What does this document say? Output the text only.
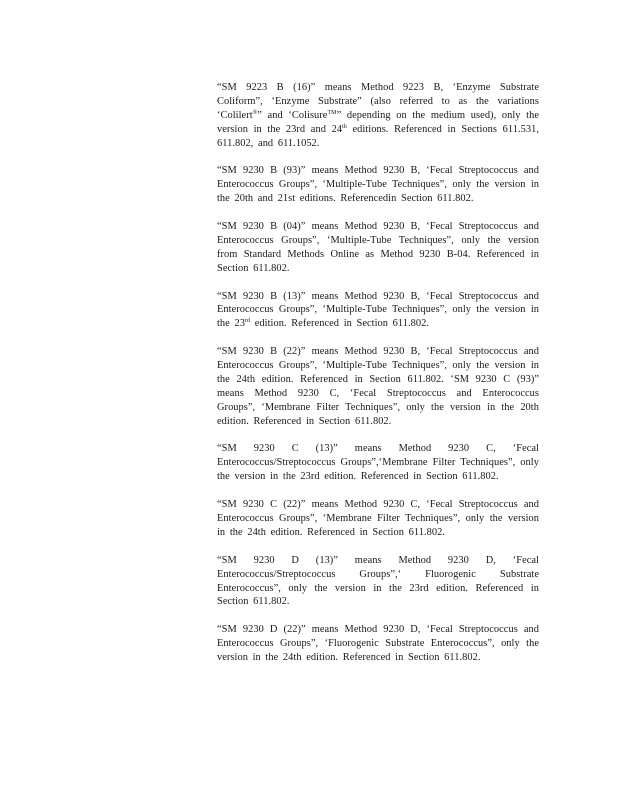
“SM 9223 B (16)” means Method 9223 B, ‘Enzyme Substrate Coliform”, ‘Enzyme Substrate” (also referred to as the variations ‘Colilert®” and ‘Colisure™” depending on the medium used), only the version in the 23rd and 24th editions. Referenced in Sections 611.531, 611.802, and 611.1052.

“SM 9230 B (93)” means Method 9230 B, ‘Fecal Streptococcus and Enterococcus Groups”, ‘Multiple-Tube Techniques”, only the version in the 20th and 21st editions. Referencedin Section 611.802.

“SM 9230 B (04)” means Method 9230 B, ‘Fecal Streptococcus and Enterococcus Groups”, ‘Multiple-Tube Techniques”, only the version from Standard Methods Online as Method 9230 B-04. Referenced in Section 611.802.

“SM 9230 B (13)” means Method 9230 B, ‘Fecal Streptococcus and Enterococcus Groups”, ‘Multiple-Tube Techniques”, only the version in the 23rd edition. Referenced in Section 611.802.

“SM 9230 B (22)” means Method 9230 B, ‘Fecal Streptococcus and Enterococcus Groups”, ‘Multiple-Tube Techniques”, only the version in the 24th edition. Referenced in Section 611.802. ‘SM 9230 C (93)” means Method 9230 C, ‘Fecal Streptococcus and Enterococcus Groups”, ‘Membrane Filter Techniques”, only the version in the 20th edition. Referenced in Section 611.802.

“SM 9230 C (13)” means Method 9230 C, ‘Fecal Enterococcus/Streptococcus Groups”,‘Membrane Filter Techniques”, only the version in the 23rd edition. Referenced in Section 611.802.

“SM 9230 C (22)” means Method 9230 C, ‘Fecal Streptococcus and Enterococcus Groups”, ‘Membrane Filter Techniques”, only the version in the 24th edition. Referenced in Section 611.802.

“SM 9230 D (13)” means Method 9230 D, ‘Fecal Enterococcus/Streptococcus Groups”,‘ Fluorogenic Substrate Enterococcus”, only the version in the 23rd edition. Referenced in Section 611.802.

“SM 9230 D (22)” means Method 9230 D, ‘Fecal Streptococcus and Enterococcus Groups”, ‘Fluorogenic Substrate Enterococcus”, only the version in the 24th edition. Referenced in Section 611.802.
